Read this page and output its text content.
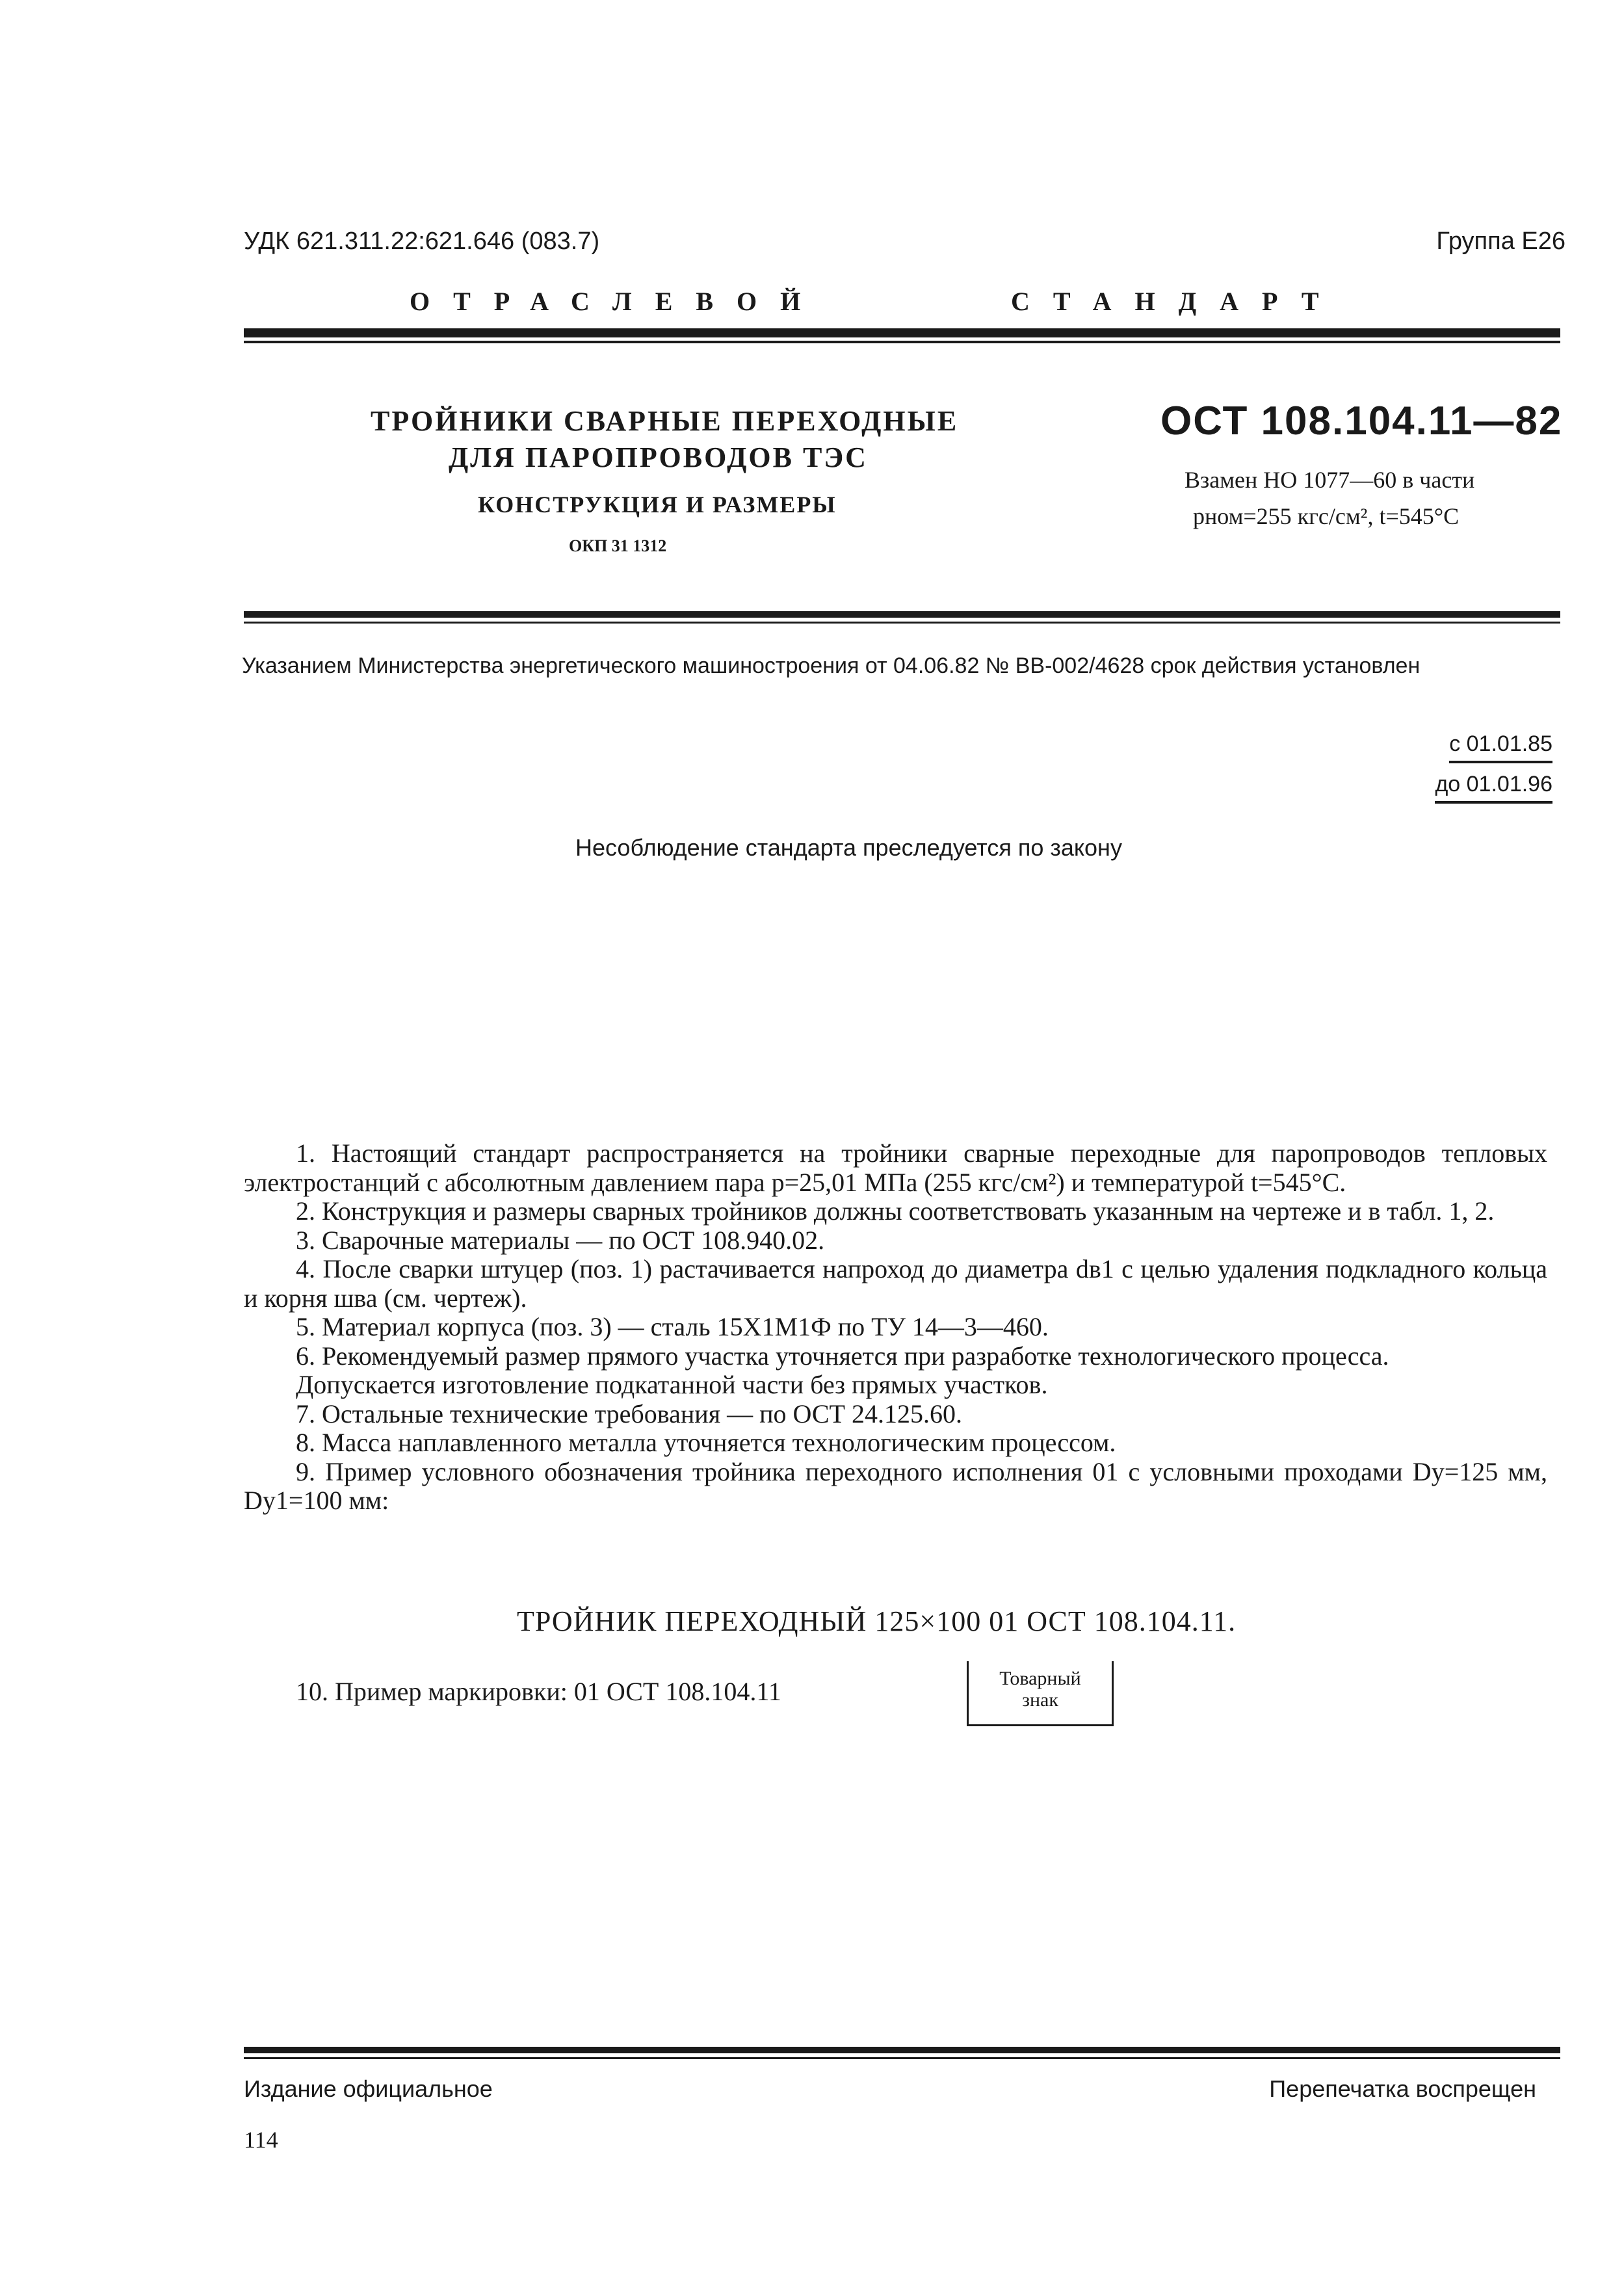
УДК 621.311.22:621.646 (083.7)	Группа Е26
ОТРАСЛЕВОЙ	СТАНДАРТ
ТРОЙНИКИ СВАРНЫЕ ПЕРЕХОДНЫЕ
ДЛЯ ПАРОПРОВОДОВ ТЭС
КОНСТРУКЦИЯ И РАЗМЕРЫ
ОКП 31 1312
ОСТ 108.104.11—82
Взамен НО 1077—60 в части
pном=255 кгс/см², t=545°С
Указанием Министерства энергетического машиностроения от 04.06.82 № ВВ-002/4628 срок действия установлен
с 01.01.85
до 01.01.96
Несоблюдение стандарта преследуется по закону

1. Настоящий стандарт распространяется на тройники сварные переходные для паропроводов тепловых электростанций с абсолютным давлением пара p=25,01 МПа (255 кгс/см²) и температурой t=545°С.

2. Конструкция и размеры сварных тройников должны соответствовать указанным на чертеже и в табл. 1, 2.

3. Сварочные материалы — по ОСТ 108.940.02.

4. После сварки штуцер (поз. 1) растачивается напроход до диаметра dв1 с целью удаления подкладного кольца и корня шва (см. чертеж).

5. Материал корпуса (поз. 3) — сталь 15Х1М1Ф по ТУ 14—3—460.

6. Рекомендуемый размер прямого участка уточняется при разработке технологического процесса.

Допускается изготовление подкатанной части без прямых участков.

7. Остальные технические требования — по ОСТ 24.125.60.

8. Масса наплавленного металла уточняется технологическим процессом.

9. Пример условного обозначения тройника переходного исполнения 01 с условными проходами Dу=125 мм, Dу1=100 мм:

ТРОЙНИК ПЕРЕХОДНЫЙ 125×100 01 ОСТ 108.104.11.
10. Пример маркировки: 01 ОСТ 108.104.11	Товарный
знак
Издание официальное	Перепечатка воспрещен
114
